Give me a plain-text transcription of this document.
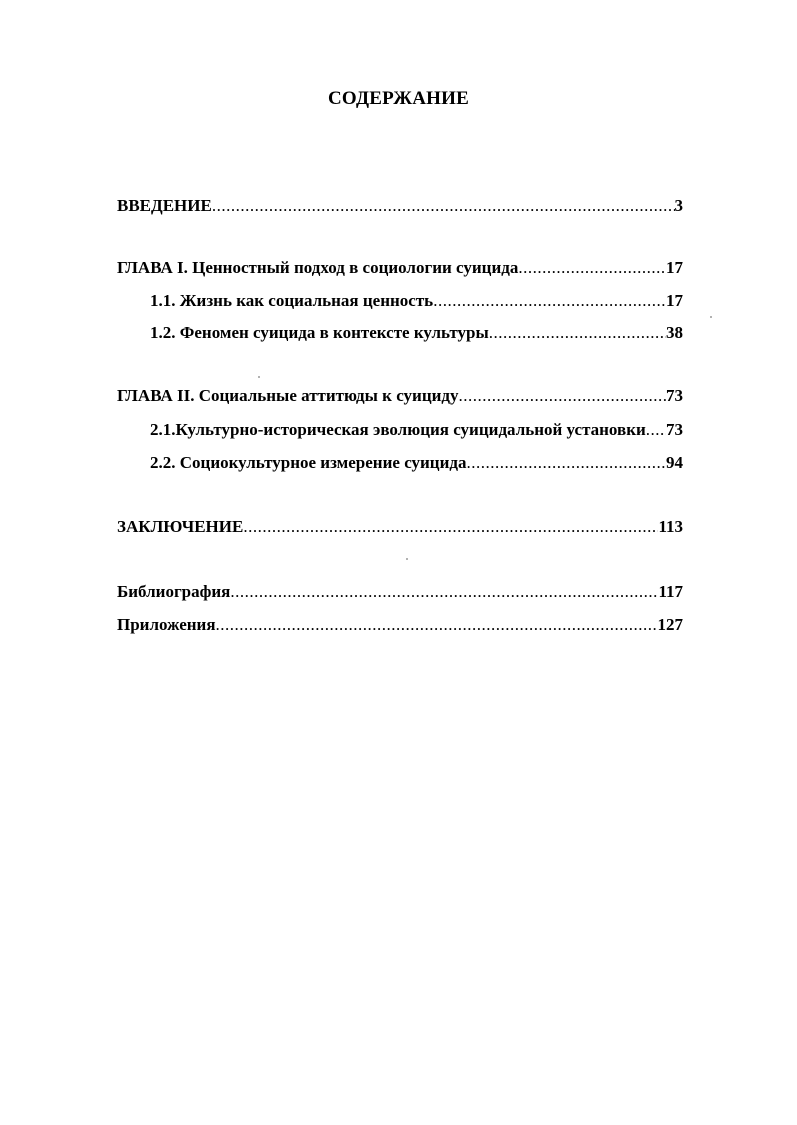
СОДЕРЖАНИЕ
ВВЕДЕНИЕ .....	3
ГЛАВА I. Ценностный подход в социологии суицида .....	17
1.1. Жизнь как социальная ценность .....	17
1.2. Феномен суицида в контексте культуры .....	38
ГЛАВА II. Социальные аттитюды к суициду .....	73
2.1.Культурно-историческая эволюция суицидальной установки ..... 73
2.2. Социокультурное измерение суицида .....	94
ЗАКЛЮЧЕНИЕ .....	113
Библиография .....	117
Приложения .....	127
